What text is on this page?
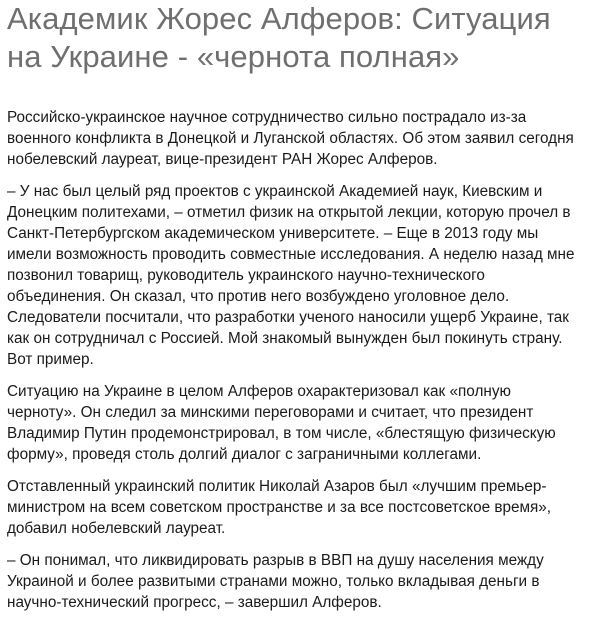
Академик Жорес Алферов: Ситуация
на Украине - «чернота полная»

Российско-украинское научное сотрудничество сильно пострадало из-за
военного конфликта в Донецкой и Луганской областях. Об этом заявил сегодня
нобелевский лауреат, вице-президент РАН Жорес Алферов.

– У нас был целый ряд проектов с украинской Академией наук, Киевским и
Донецким политехами, – отметил физик на открытой лекции, которую прочел в
Санкт-Петербургском академическом университете. – Еще в 2013 году мы
имели возможность проводить совместные исследования. А неделю назад мне
позвонил товарищ, руководитель украинского научно-технического
объединения. Он сказал, что против него возбуждено уголовное дело.
Следователи посчитали, что разработки ученого наносили ущерб Украине, так
как он сотрудничал с Россией. Мой знакомый вынужден был покинуть страну.
Вот пример.

Ситуацию на Украине в целом Алферов охарактеризовал как «полную
черноту». Он следил за минскими переговорами и считает, что президент
Владимир Путин продемонстрировал, в том числе, «блестящую физическую
форму», проведя столь долгий диалог с заграничными коллегами.

Отставленный украинский политик Николай Азаров был «лучшим премьер-
министром на всем советском пространстве и за все постсоветское время»,
добавил нобелевский лауреат.

– Он понимал, что ликвидировать разрыв в ВВП на душу населения между
Украиной и более развитыми странами можно, только вкладывая деньги в
научно-технический прогресс, – завершил Алферов.
